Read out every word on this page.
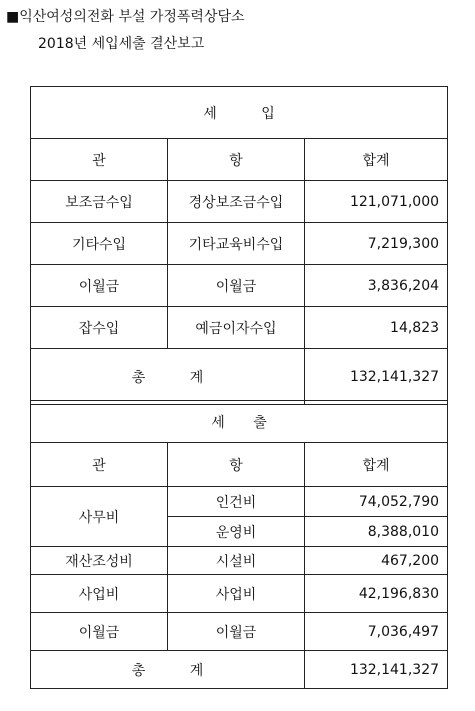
■익산여성의전화 부설 가정폭력상담소
2018년 세입세출 결산보고
세 입		
관	항	합계
보조금수입	경상보조금수입	121,071,000
기타수입	기타교육비수입	7,219,300
이월금	이월금	3,836,204
잡수입	예금이자수입	14,823
총 계		132,141,327
세 출		
관	항	합계
사무비	인건비	74,052,790
	운영비	8,388,010
재산조성비	시설비	467,200
사업비	사업비	42,196,830
이월금	이월금	7,036,497
총 계		132,141,327
